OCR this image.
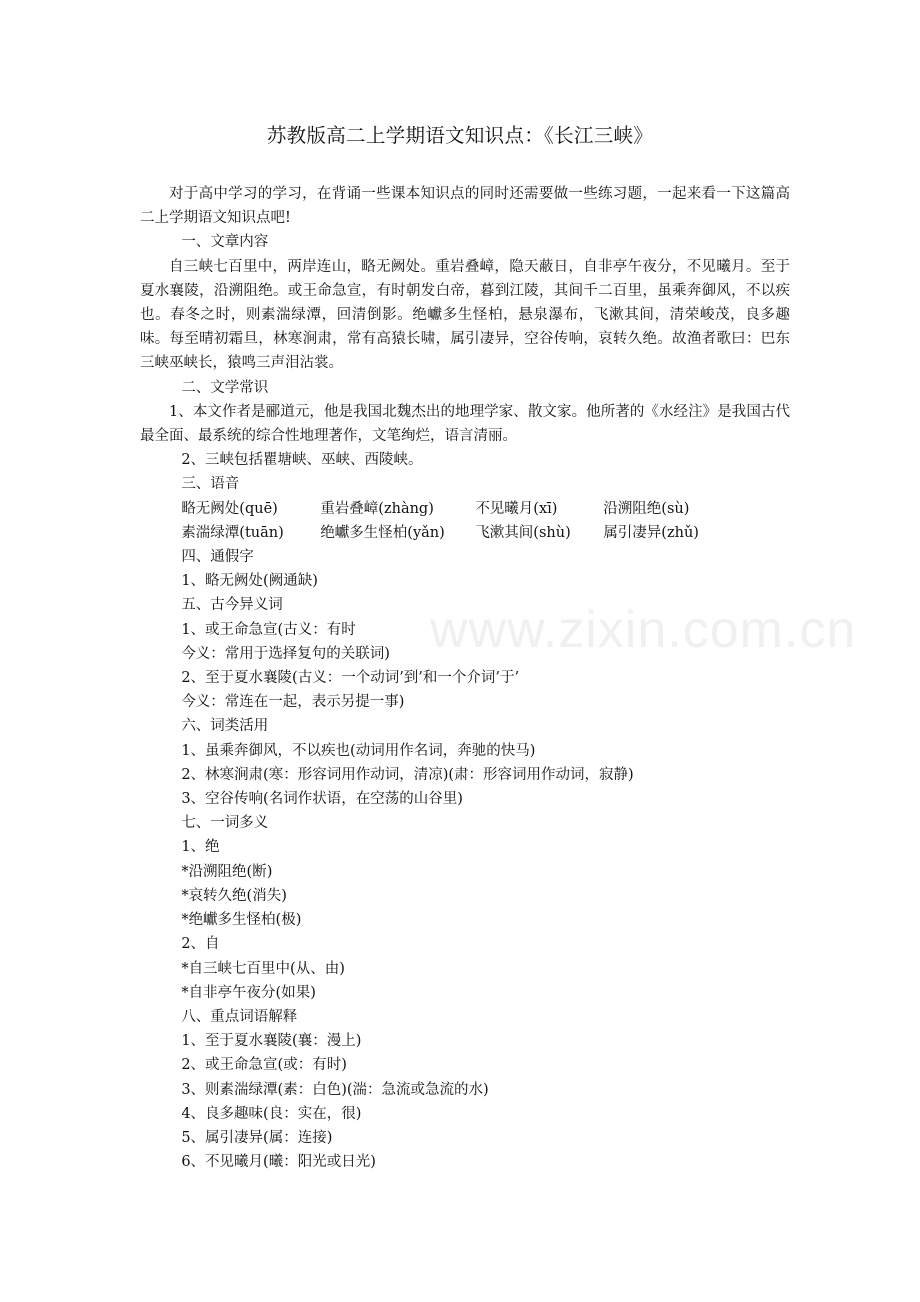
苏教版高二上学期语文知识点：《长江三峡》

对于高中学习的学习，在背诵一些课本知识点的同时还需要做一些练习题，一起来看一下这篇高二上学期语文知识点吧!

一、文章内容

自三峡七百里中，两岸连山，略无阙处。重岩叠嶂，隐天蔽日，自非亭午夜分，不见曦月。至于夏水襄陵，沿溯阻绝。或王命急宣，有时朝发白帝，暮到江陵，其间千二百里，虽乘奔御风，不以疾也。春冬之时，则素湍绿潭，回清倒影。绝巘多生怪柏，悬泉瀑布，飞漱其间，清荣峻茂，良多趣味。每至晴初霜旦，林寒涧肃，常有高猿长啸，属引凄异，空谷传响，哀转久绝。故渔者歌曰：巴东三峡巫峡长，猿鸣三声泪沾裳。

二、文学常识

1、本文作者是郦道元，他是我国北魏杰出的地理学家、散文家。他所著的《水经注》是我国古代最全面、最系统的综合性地理著作，文笔绚烂，语言清丽。

2、三峡包括瞿塘峡、巫峡、西陵峡。

三、语音

略无阙处(quē)	重岩叠嶂(zhàng)	不见曦月(xī)	沿溯阻绝(sù)
素湍绿潭(tuān)	绝巘多生怪柏(yǎn)	飞漱其间(shù)	属引凄异(zhǔ)

四、通假字

1、略无阙处(阙通缺)

五、古今异义词

1、或王命急宣(古义：有时

今义：常用于选择复句的关联词)

2、至于夏水襄陵(古义：一个动词’到’和一个介词’于’

今义：常连在一起，表示另提一事)

六、词类活用

1、虽乘奔御风，不以疾也(动词用作名词，奔驰的快马)

2、林寒涧肃(寒：形容词用作动词，清凉)(肃：形容词用作动词，寂静)

3、空谷传响(名词作状语，在空荡的山谷里)

七、一词多义

1、绝

*沿溯阻绝(断)

*哀转久绝(消失)

*绝巘多生怪柏(极)

2、自

*自三峡七百里中(从、由)

*自非亭午夜分(如果)

八、重点词语解释

1、至于夏水襄陵(襄：漫上)

2、或王命急宣(或：有时)

3、则素湍绿潭(素：白色)(湍：急流或急流的水)

4、良多趣味(良：实在，很)

5、属引凄异(属：连接)

6、不见曦月(曦：阳光或日光)

www.zixin.com.cn
